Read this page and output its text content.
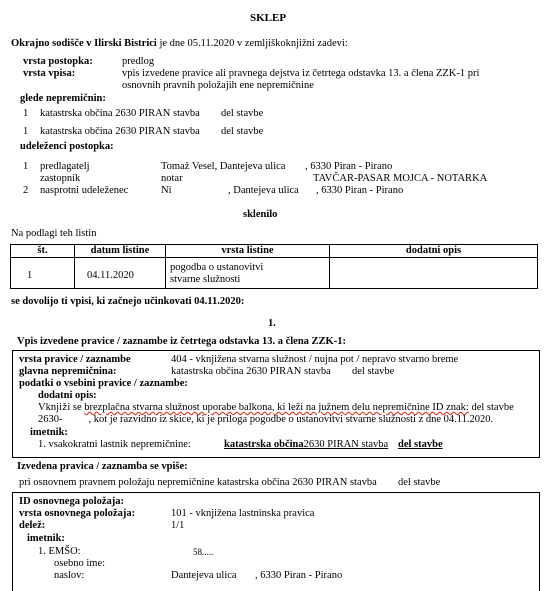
SKLEP
Okrajno sodišče v Ilirski Bistrici je dne 05.11.2020 v zemljiškoknjižni zadevi:
vrsta postopka:	predlog
vrsta vpisa:	vpis izvedene pravice ali pravnega dejstva iz četrtega odstavka 13. a člena ZZK-1 pri
osnovnih pravnih položajih ene nepremičnine
glede nepremičnin:
1 katastrska občina 2630 PIRAN stavba del stavbe
1 katastrska občina 2630 PIRAN stavba del stavbe
udeleženci postopka:
1 predlagatelj	Tomaž Vesel, Dantejeva ulica , 6330 Piran - Pirano
zastopnik	notar	TAVČAR-PASAR MOJCA - NOTARKA
2 nasprotni udeleženec	Ni	, Dantejeva ulica , 6330 Piran - Pirano
sklenilo
Na podlagi teh listin
št.	datum listine	vrsta listine	dodatni opis
1	04.11.2020	pogodba o ustanovitvi
stvarne služnosti	

se dovolijo ti vpisi, ki začnejo učinkovati 04.11.2020:
1.
Vpis izvedene pravice / zaznambe iz četrtega odstavka 13. a člena ZZK-1:
vrsta pravice / zaznambe	404 - vknjižena stvarna služnost / nujna pot / nepravo stvarno breme
glavna nepremičnina:	katastrska občina 2630 PIRAN stavba del stavbe
podatki o vsebini pravice / zaznambe:
dodatni opis:
Vknjiži se brezplačna stvarna služnost uporabe balkona, ki leži na južnem delu nepremičnine ID znak: del stavbe
2630- , kot je razvidno iz skice, ki je priloga pogodbe o ustanovitvi stvarne služnosti z dne 04.11.2020.
imetnik:
1. vsakokratni lastnik nepremičnine:	katastrska občina2630 PIRAN stavba del stavbe
Izvedena pravica / zaznamba se vpiše:
pri osnovnem pravnem položaju nepremičnine katastrska občina 2630 PIRAN stavba del stavbe
ID osnovnega položaja:
vrsta osnovnega položaja:	101 - vknjižena lastninska pravica
delež:	1/1
imetnik:
1. EMŠO:	58.....
osebno ime:
naslov:	Dantejeva ulica , 6330 Piran - Pirano
